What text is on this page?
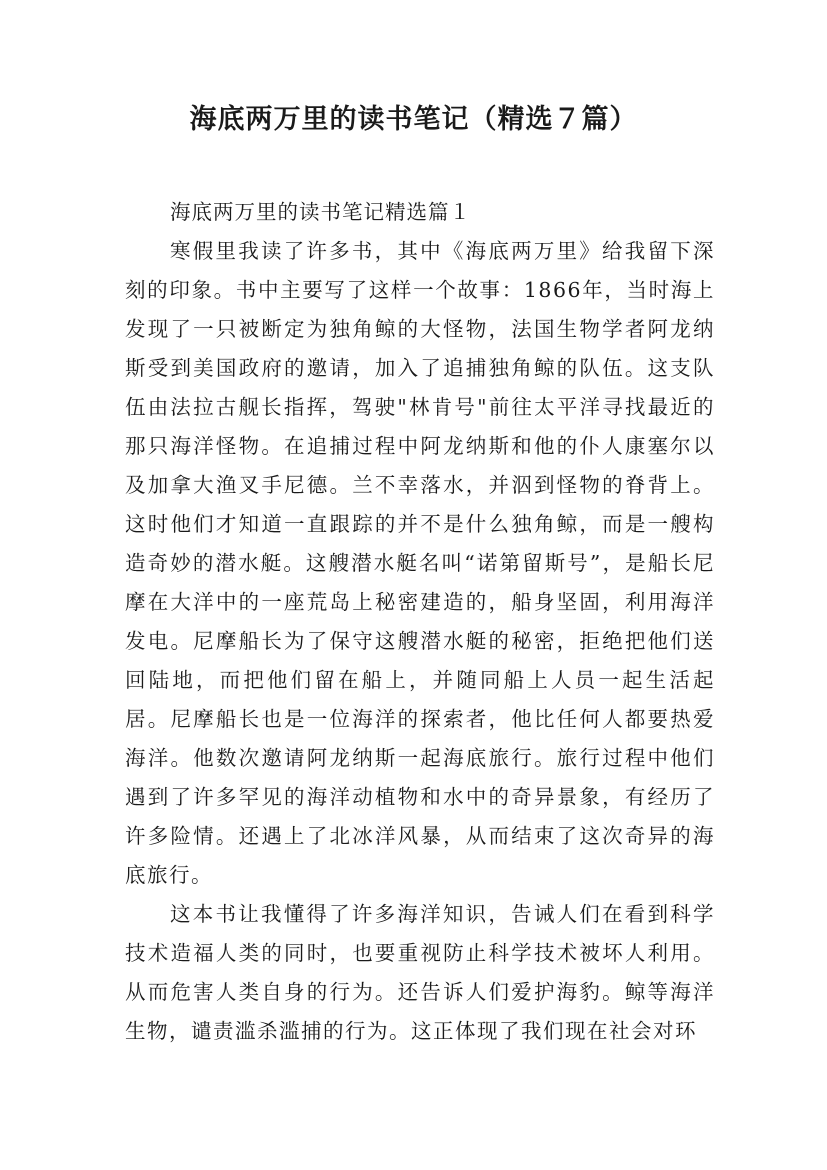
海底两万里的读书笔记（精选７篇）

海底两万里的读书笔记精选篇１

寒假里我读了许多书，其中《海底两万里》给我留下深刻的印象。书中主要写了这样一个故事：1866年，当时海上发现了一只被断定为独角鲸的大怪物，法国生物学者阿龙纳斯受到美国政府的邀请，加入了追捕独角鲸的队伍。这支队伍由法拉古舰长指挥，驾驶"林肯号"前往太平洋寻找最近的那只海洋怪物。在追捕过程中阿龙纳斯和他的仆人康塞尔以及加拿大渔叉手尼德。兰不幸落水，并泅到怪物的脊背上。这时他们才知道一直跟踪的并不是什么独角鲸，而是一艘构造奇妙的潜水艇。这艘潜水艇名叫“诺第留斯号”，是船长尼摩在大洋中的一座荒岛上秘密建造的，船身坚固，利用海洋发电。尼摩船长为了保守这艘潜水艇的秘密，拒绝把他们送回陆地，而把他们留在船上，并随同船上人员一起生活起居。尼摩船长也是一位海洋的探索者，他比任何人都要热爱海洋。他数次邀请阿龙纳斯一起海底旅行。旅行过程中他们遇到了许多罕见的海洋动植物和水中的奇异景象，有经历了许多险情。还遇上了北冰洋风暴，从而结束了这次奇异的海底旅行。

这本书让我懂得了许多海洋知识，告诫人们在看到科学技术造福人类的同时，也要重视防止科学技术被坏人利用。从而危害人类自身的行为。还告诉人们爱护海豹。鲸等海洋生物，谴责滥杀滥捕的行为。这正体现了我们现在社会对环
